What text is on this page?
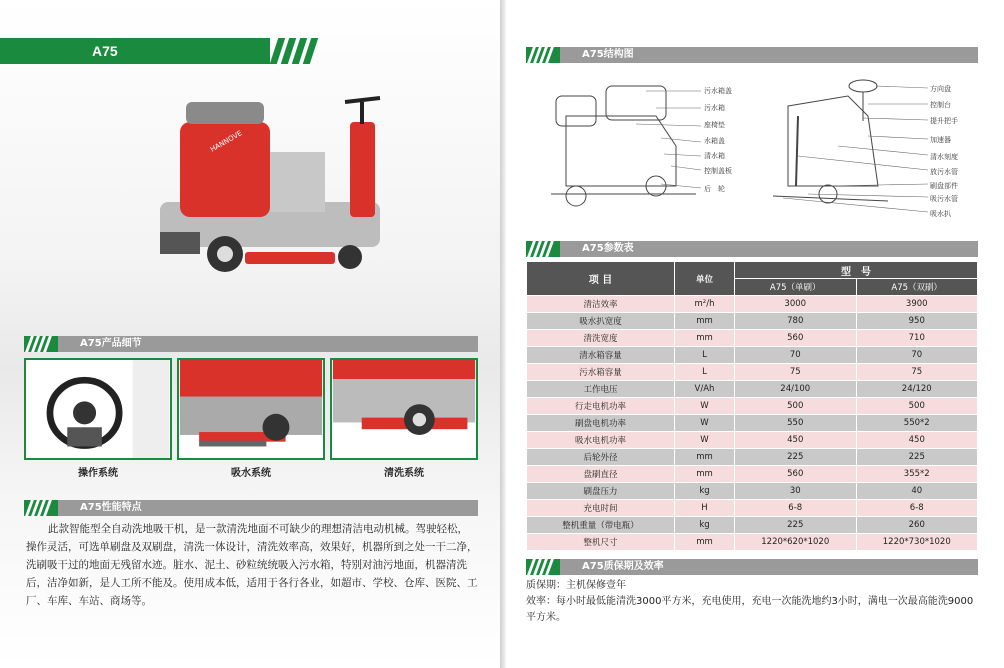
A75
HANNOVE
A75产品细节
操作系统	吸水系统	清洗系统
A75性能特点
此款智能型全自动洗地吸干机，是一款清洗地面不可缺少的理想清洁电动机械。驾驶轻松，操作灵活，可选单刷盘及双刷盘，清洗一体设计，清洗效率高，效果好，机器所到之处一干二净，洗刷吸干过的地面无残留水迹。脏水、泥土、砂粒统统吸入污水箱，特别对油污地面，机器清洗后，洁净如新，是人工所不能及。使用成本低，适用于各行各业，如超市、学校、仓库、医院、工厂、车库、车站、商场等。
A75结构图
污水箱盖
污水箱
座椅垫
水箱盖
清水箱
控制盖板
后　轮
方向盘
控制台
提升把手
加速器
清水刻度
放污水管
刷盘部件
吸污水管
吸水扒
A75参数表
项 目	单位	型　号	
		A75（单刷）	A75（双刷）
清洁效率	m²/h	3000	3900
吸水扒宽度	mm	780	950
清洗宽度	mm	560	710
清水箱容量	L	70	70
污水箱容量	L	75	75
工作电压	V/Ah	24/100	24/120
行走电机功率	W	500	500
刷盘电机功率	W	550	550*2
吸水电机功率	W	450	450
后轮外径	mm	225	225
盘刷直径	mm	560	355*2
刷盘压力	kg	30	40
充电时间	H	6-8	6-8
整机重量（带电瓶）	kg	225	260
整机尺寸	mm	1220*620*1020	1220*730*1020
A75质保期及效率
质保期：主机保修壹年
效率：每小时最低能清洗3000平方米，充电使用，充电一次能洗地约3小时，满电一次最高能洗9000平方米。
